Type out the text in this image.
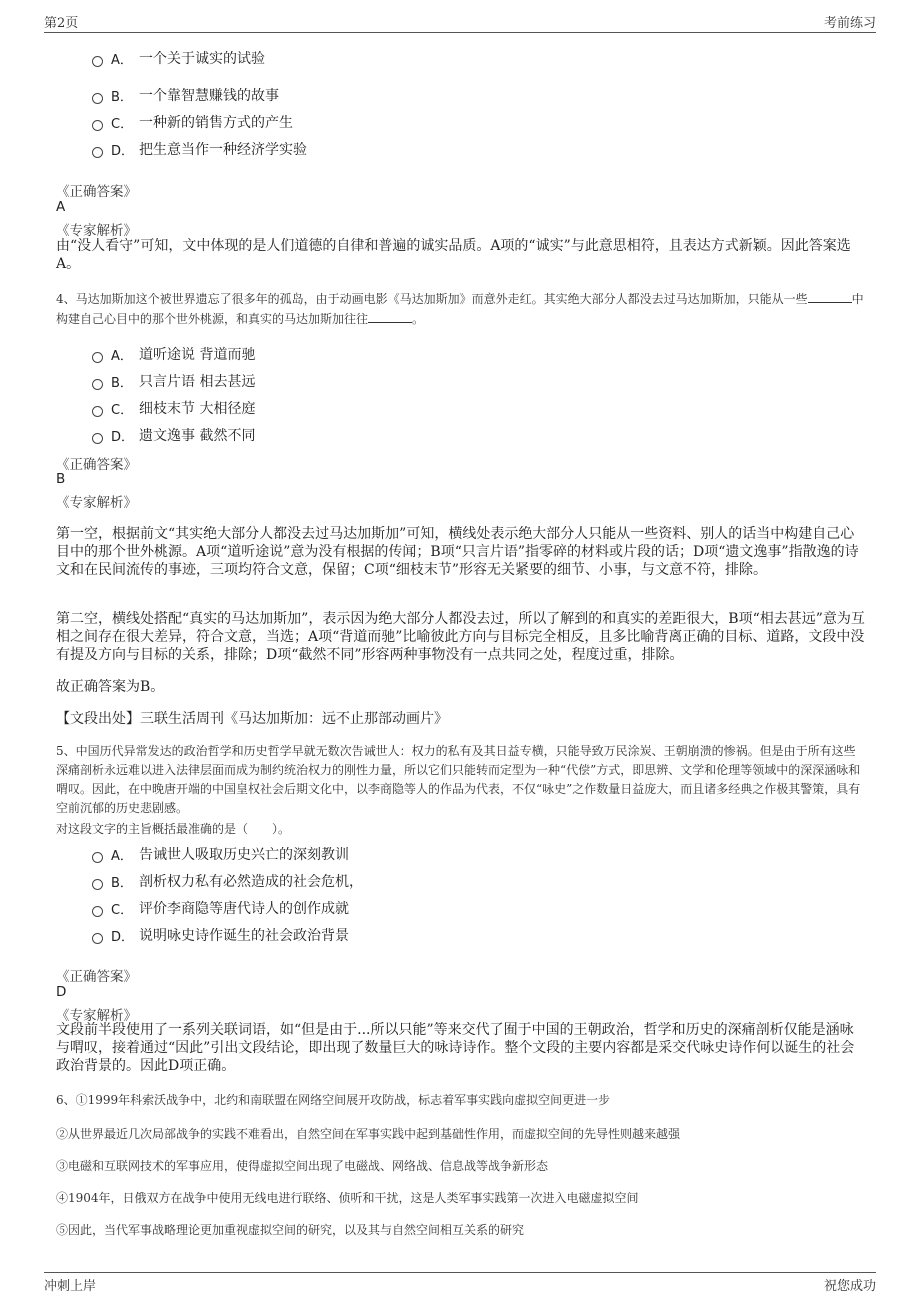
第2页	考前练习
A． 一个关于诚实的试验
B． 一个靠智慧赚钱的故事
C． 一种新的销售方式的产生
D． 把生意当作一种经济学实验
《正确答案》
A
《专家解析》
由“没人看守”可知，文中体现的是人们道德的自律和普遍的诚实品质。A项的“诚实”与此意思相符，且表达方式新颖。因此答案选A。
4、马达加斯加这个被世界遗忘了很多年的孤岛，由于动画电影《马达加斯加》而意外走红。其实绝大部分人都没去过马达加斯加，只能从一些	中构建自己心目中的那个世外桃源，和真实的马达加斯加往往	。
A． 道听途说 背道而驰
B． 只言片语 相去甚远
C． 细枝末节 大相径庭
D． 遗文逸事 截然不同
《正确答案》
B
《专家解析》
第一空，根据前文“其实绝大部分人都没去过马达加斯加”可知，横线处表示绝大部分人只能从一些资料、别人的话当中构建自己心目中的那个世外桃源。A项“道听途说”意为没有根据的传闻；B项“只言片语”指零碎的材料或片段的话；D项“遗文逸事”指散逸的诗文和在民间流传的事迹，三项均符合文意，保留；C项“细枝末节”形容无关紧要的细节、小事，与文意不符，排除。
第二空，横线处搭配“真实的马达加斯加”，表示因为绝大部分人都没去过，所以了解到的和真实的差距很大，B项“相去甚远”意为互相之间存在很大差异，符合文意，当选；A项“背道而驰”比喻彼此方向与目标完全相反，且多比喻背离正确的目标、道路，文段中没有提及方向与目标的关系，排除；D项“截然不同”形容两种事物没有一点共同之处，程度过重，排除。
故正确答案为B。
【文段出处】三联生活周刊《马达加斯加：远不止那部动画片》
5、中国历代异常发达的政治哲学和历史哲学早就无数次告诫世人：权力的私有及其日益专横，只能导致万民涂炭、王朝崩溃的惨祸。但是由于所有这些深痛剖析永远难以进入法律层面而成为制约统治权力的刚性力量，所以它们只能转而定型为一种“代偿”方式，即思辨、文学和伦理等领域中的深深涵咏和喟叹。因此，在中晚唐开端的中国皇权社会后期文化中，以李商隐等人的作品为代表，不仅“咏史”之作数量日益庞大，而且诸多经典之作极其警策，具有空前沉郁的历史悲剧感。
对这段文字的主旨概括最准确的是（　　）。
A． 告诫世人吸取历史兴亡的深刻教训
B． 剖析权力私有必然造成的社会危机，
C． 评价李商隐等唐代诗人的创作成就
D． 说明咏史诗作诞生的社会政治背景
《正确答案》
D
《专家解析》
文段前半段使用了一系列关联词语，如“但是由于...所以只能”等来交代了囿于中国的王朝政治，哲学和历史的深痛剖析仅能是涵咏与喟叹，接着通过“因此”引出文段结论，即出现了数量巨大的咏诗诗作。整个文段的主要内容都是采交代咏史诗作何以诞生的社会政治背景的。因此D项正确。
6、①1999年科索沃战争中，北约和南联盟在网络空间展开攻防战，标志着军事实践向虚拟空间更进一步
②从世界最近几次局部战争的实践不难看出，自然空间在军事实践中起到基础性作用，而虚拟空间的先导性则越来越强
③电磁和互联网技术的军事应用，使得虚拟空间出现了电磁战、网络战、信息战等战争新形态
④1904年，日俄双方在战争中使用无线电进行联络、侦听和干扰，这是人类军事实践第一次进入电磁虚拟空间
⑤因此，当代军事战略理论更加重视虚拟空间的研究，以及其与自然空间相互关系的研究
冲刺上岸	祝您成功
